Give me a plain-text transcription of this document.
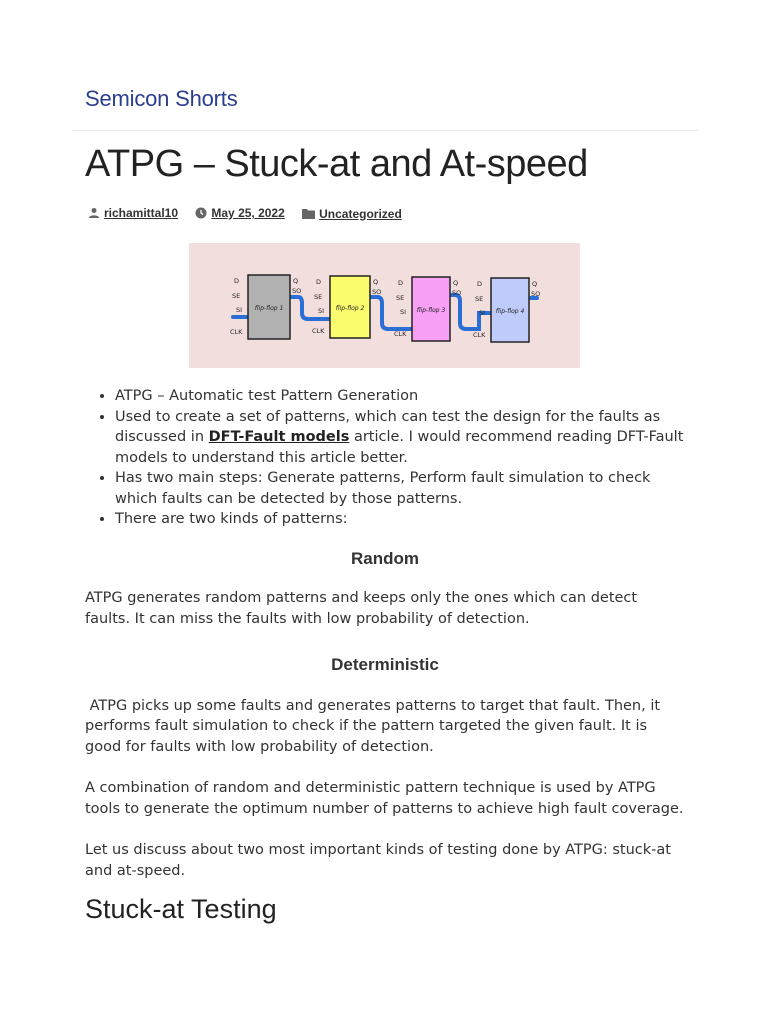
Semicon Shorts
ATPG – Stuck-at and At-speed
richamittal10
	May 25, 2022
	Uncategorized
flip-flop 1
D
SE
SI
CLK
Q
SO
flip-flop 2
D
SE
SI
CLK
Q
SO
flip-flop 3
D
SE
SI
CLK
Q
SO
flip-flop 4
D
SE
SI
CLK
Q
SO
• ATPG – Automatic test Pattern Generation
• Used to create a set of patterns, which can test the design for the faults as discussed in DFT-Fault models article. I would recommend reading DFT-Fault models to understand this article better.
• Has two main steps: Generate patterns, Perform fault simulation to check which faults can be detected by those patterns.
• There are two kinds of patterns:
Random

ATPG generates random patterns and keeps only the ones which can detect faults. It can miss the faults with low probability of detection.

Deterministic

ATPG picks up some faults and generates patterns to target that fault. Then, it performs fault simulation to check if the pattern targeted the given fault. It is good for faults with low probability of detection.

A combination of random and deterministic pattern technique is used by ATPG tools to generate the optimum number of patterns to achieve high fault coverage.

Let us discuss about two most important kinds of testing done by ATPG: stuck-at and at-speed.

Stuck-at Testing
